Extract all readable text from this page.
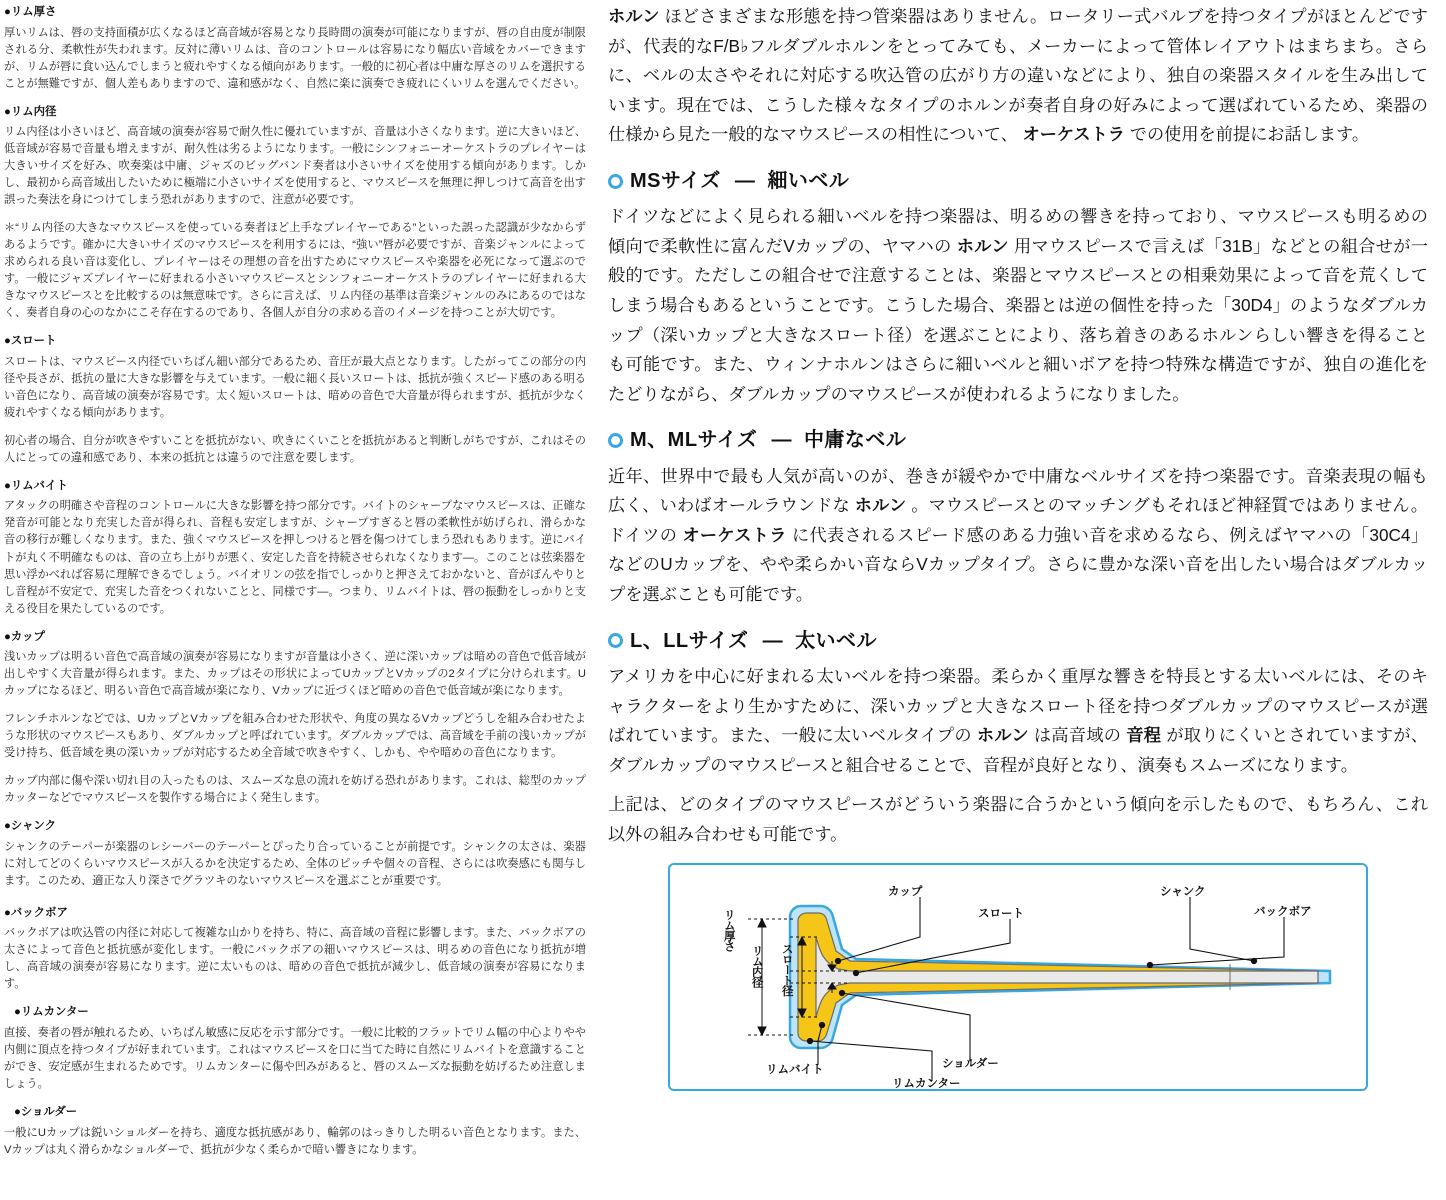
●リム厚さ

厚いリムは、唇の支持面積が広くなるほど高音域が容易となり長時間の演奏が可能になりますが、唇の自由度が制限される分、柔軟性が失われます。反対に薄いリムは、音のコントロールは容易になり幅広い音域をカバーできますが、リムが唇に食い込んでしまうと疲れやすくなる傾向があります。一般的に初心者は中庸な厚さのリムを選択することが無難ですが、個人差もありますので、違和感がなく、自然に楽に演奏でき疲れにくいリムを選んでください。

●リム内径

リム内径は小さいほど、高音域の演奏が容易で耐久性に優れていますが、音量は小さくなります。逆に大きいほど、低音域が容易で音量も増えますが、耐久性は劣るようになります。一般にシンフォニーオーケストラのプレイヤーは大きいサイズを好み、吹奏楽は中庸、ジャズのビッグバンド奏者は小さいサイズを使用する傾向があります。しかし、最初から高音域出したいために極端に小さいサイズを使用すると、マウスピースを無理に押しつけて高音を出す誤った奏法を身につけてしまう恐れがありますので、注意が必要です。

＊“リム内径の大きなマウスピースを使っている奏者ほど上手なプレイヤーである”といった誤った認識が少なからずあるようです。確かに大きいサイズのマウスピースを利用するには、“強い”唇が必要ですが、音楽ジャンルによって求められる良い音は変化し、プレイヤーはその理想の音を出すためにマウスピースや楽器を必死になって選ぶのです。一般にジャズプレイヤーに好まれる小さいマウスピースとシンフォニーオーケストラのプレイヤーに好まれる大きなマウスピースとを比較するのは無意味です。さらに言えば、リム内径の基準は音楽ジャンルのみにあるのではなく、奏者自身の心のなかにこそ存在するのであり、各個人が自分の求める音のイメージを持つことが大切です。

●スロート

スロートは、マウスピース内径でいちばん細い部分であるため、音圧が最大点となります。したがってこの部分の内径や長さが、抵抗の量に大きな影響を与えています。一般に細く長いスロートは、抵抗が強くスピード感のある明るい音色になり、高音域の演奏が容易です。太く短いスロートは、暗めの音色で大音量が得られますが、抵抗が少なく疲れやすくなる傾向があります。

初心者の場合、自分が吹きやすいことを抵抗がない、吹きにくいことを抵抗があると判断しがちですが、これはその人にとっての違和感であり、本来の抵抗とは違うので注意を要します。

●リムバイト

アタックの明確さや音程のコントロールに大きな影響を持つ部分です。バイトのシャープなマウスピースは、正確な発音が可能となり充実した音が得られ、音程も安定しますが、シャープすぎると唇の柔軟性が妨げられ、滑らかな音の移行が難しくなります。また、強くマウスピースを押しつけると唇を傷つけてしまう恐れもあります。逆にバイトが丸く不明確なものは、音の立ち上がりが悪く、安定した音を持続させられなくなります―。このことは弦楽器を思い浮かべれば容易に理解できるでしょう。バイオリンの弦を指でしっかりと押さえておかないと、音がぼんやりとし音程が不安定で、充実した音をつくれないことと、同様です―。つまり、リムバイトは、唇の振動をしっかりと支える役目を果たしているのです。

●カップ

浅いカップは明るい音色で高音域の演奏が容易になりますが音量は小さく、逆に深いカップは暗めの音色で低音域が出しやすく大音量が得られます。また、カップはその形状によってUカップとVカップの2タイプに分けられます。Uカップになるほど、明るい音色で高音域が楽になり、Vカップに近づくほど暗めの音色で低音域が楽になります。

フレンチホルンなどでは、UカップとVカップを組み合わせた形状や、角度の異なるVカップどうしを組み合わせたような形状のマウスピースもあり、ダブルカップと呼ばれています。ダブルカップでは、高音域を手前の浅いカップが受け持ち、低音域を奥の深いカップが対応するため全音域で吹きやすく、しかも、やや暗めの音色になります。

カップ内部に傷や深い切れ目の入ったものは、スムーズな息の流れを妨げる恐れがあります。これは、総型のカップカッターなどでマウスピースを製作する場合によく発生します。

●シャンク

シャンクのテーパーが楽器のレシーバーのテーパーとぴったり合っていることが前提です。シャンクの太さは、楽器に対してどのくらいマウスピースが入るかを決定するため、全体のピッチや個々の音程、さらには吹奏感にも関与します。このため、適正な入り深さでグラツキのないマウスピースを選ぶことが重要です。

●バックボア

バックボアは吹込管の内径に対応して複雑な山かりを持ち、特に、高音域の音程に影響します。また、バックボアの太さによって音色と抵抗感が変化します。一般にバックボアの細いマウスピースは、明るめの音色になり抵抗が増し、高音域の演奏が容易になります。逆に太いものは、暗めの音色で抵抗が減少し、低音域の演奏が容易になります。

●リムカンター

直接、奏者の唇が触れるため、いちばん敏感に反応を示す部分です。一般に比較的フラットでリム幅の中心よりやや内側に頂点を持つタイプが好まれています。これはマウスピースを口に当てた時に自然にリムバイトを意識することができ、安定感が生まれるためです。リムカンターに傷や凹みがあると、唇のスムーズな振動を妨げるため注意しましょう。

●ショルダー

一般にUカップは鋭いショルダーを持ち、適度な抵抗感があり、輪郭のはっきりした明るい音色となります。また、Vカップは丸く滑らかなショルダーで、抵抗が少なく柔らかで暗い響きになります。

ホルン ほどさまざまな形態を持つ管楽器はありません。ロータリー式バルブを持つタイプがほとんどですが、代表的なF/B♭フルダブルホルンをとってみても、メーカーによって管体レイアウトはまちまち。さらに、ベルの太さやそれに対応する吹込管の広がり方の違いなどにより、独自の楽器スタイルを生み出しています。現在では、こうした様々なタイプのホルンが奏者自身の好みによって選ばれているため、楽器の仕様から見た一般的なマウスピースの相性について、 オーケストラ での使用を前提にお話します。

MSサイズ ― 細いベル

ドイツなどによく見られる細いベルを持つ楽器は、明るめの響きを持っており、マウスピースも明るめの傾向で柔軟性に富んだVカップの、ヤマハの ホルン 用マウスピースで言えば「31B」などとの組合せが一般的です。ただしこの組合せで注意することは、楽器とマウスピースとの相乗効果によって音を荒くしてしまう場合もあるということです。こうした場合、楽器とは逆の個性を持った「30D4」のようなダブルカップ（深いカップと大きなスロート径）を選ぶことにより、落ち着きのあるホルンらしい響きを得ることも可能です。また、ウィンナホルンはさらに細いベルと細いボアを持つ特殊な構造ですが、独自の進化をたどりながら、ダブルカップのマウスピースが使われるようになりました。

M、MLサイズ ― 中庸なベル

近年、世界中で最も人気が高いのが、巻きが緩やかで中庸なベルサイズを持つ楽器です。音楽表現の幅も広く、いわばオールラウンドな ホルン 。マウスピースとのマッチングもそれほど神経質ではありません。ドイツの オーケストラ に代表されるスピード感のある力強い音を求めるなら、例えばヤマハの「30C4」などのUカップを、やや柔らかい音ならVカップタイプ。さらに豊かな深い音を出したい場合はダブルカップを選ぶことも可能です。

L、LLサイズ ― 太いベル

アメリカを中心に好まれる太いベルを持つ楽器。柔らかく重厚な響きを特長とする太いベルには、そのキャラクターをより生かすために、深いカップと大きなスロート径を持つダブルカップのマウスピースが選ばれています。また、一般に太いベルタイプの ホルン は高音域の 音程 が取りにくいとされていますが、ダブルカップのマウスピースと組合せることで、音程が良好となり、演奏もスムーズになります。

上記は、どのタイプのマウスピースがどういう楽器に合うかという傾向を示したもので、もちろん、これ以外の組み合わせも可能です。

カップ
スロート
シャンク
バックボア
リム厚さ
リム内径	スロート径
リムバイト	ショルダー
リムカンター
